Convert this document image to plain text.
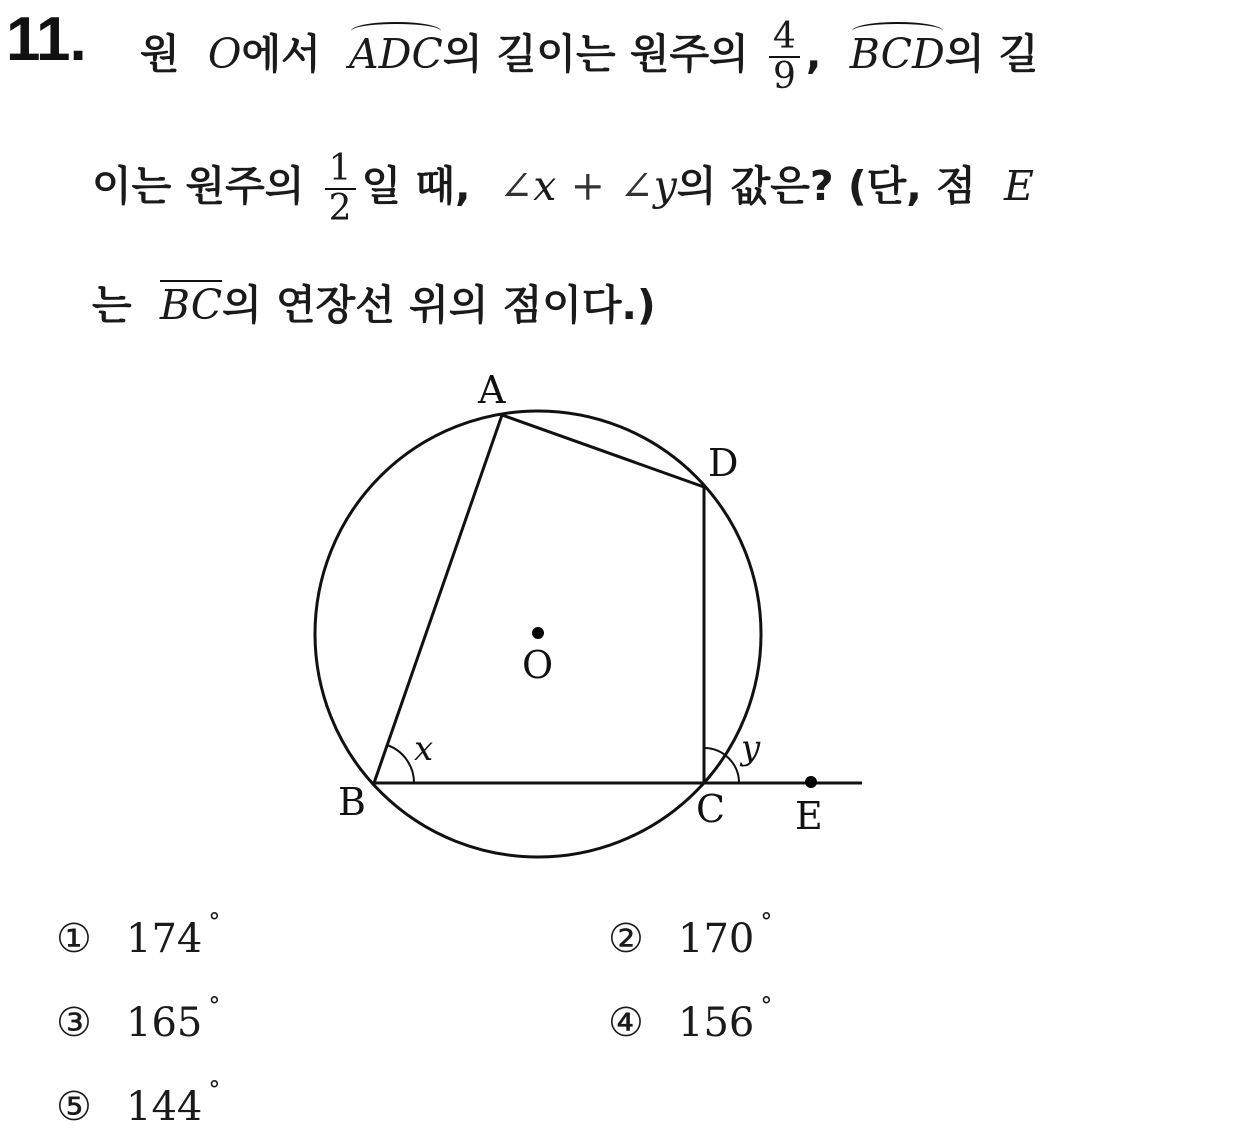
11. 원 O에서 ADC의 길이는 원주의 $\frac{4}{9}$ , BCD의 길
이는 원주의 $\frac{1}{2}$ 일 때, ∠x + ∠y의 값은? (단, 점 E
는 BC의 연장선 위의 점이다.)
A
D
O
B	C E
x	y
① 174 °	② 170 °
③ 165 °	④ 156 °
⑤ 144 °
